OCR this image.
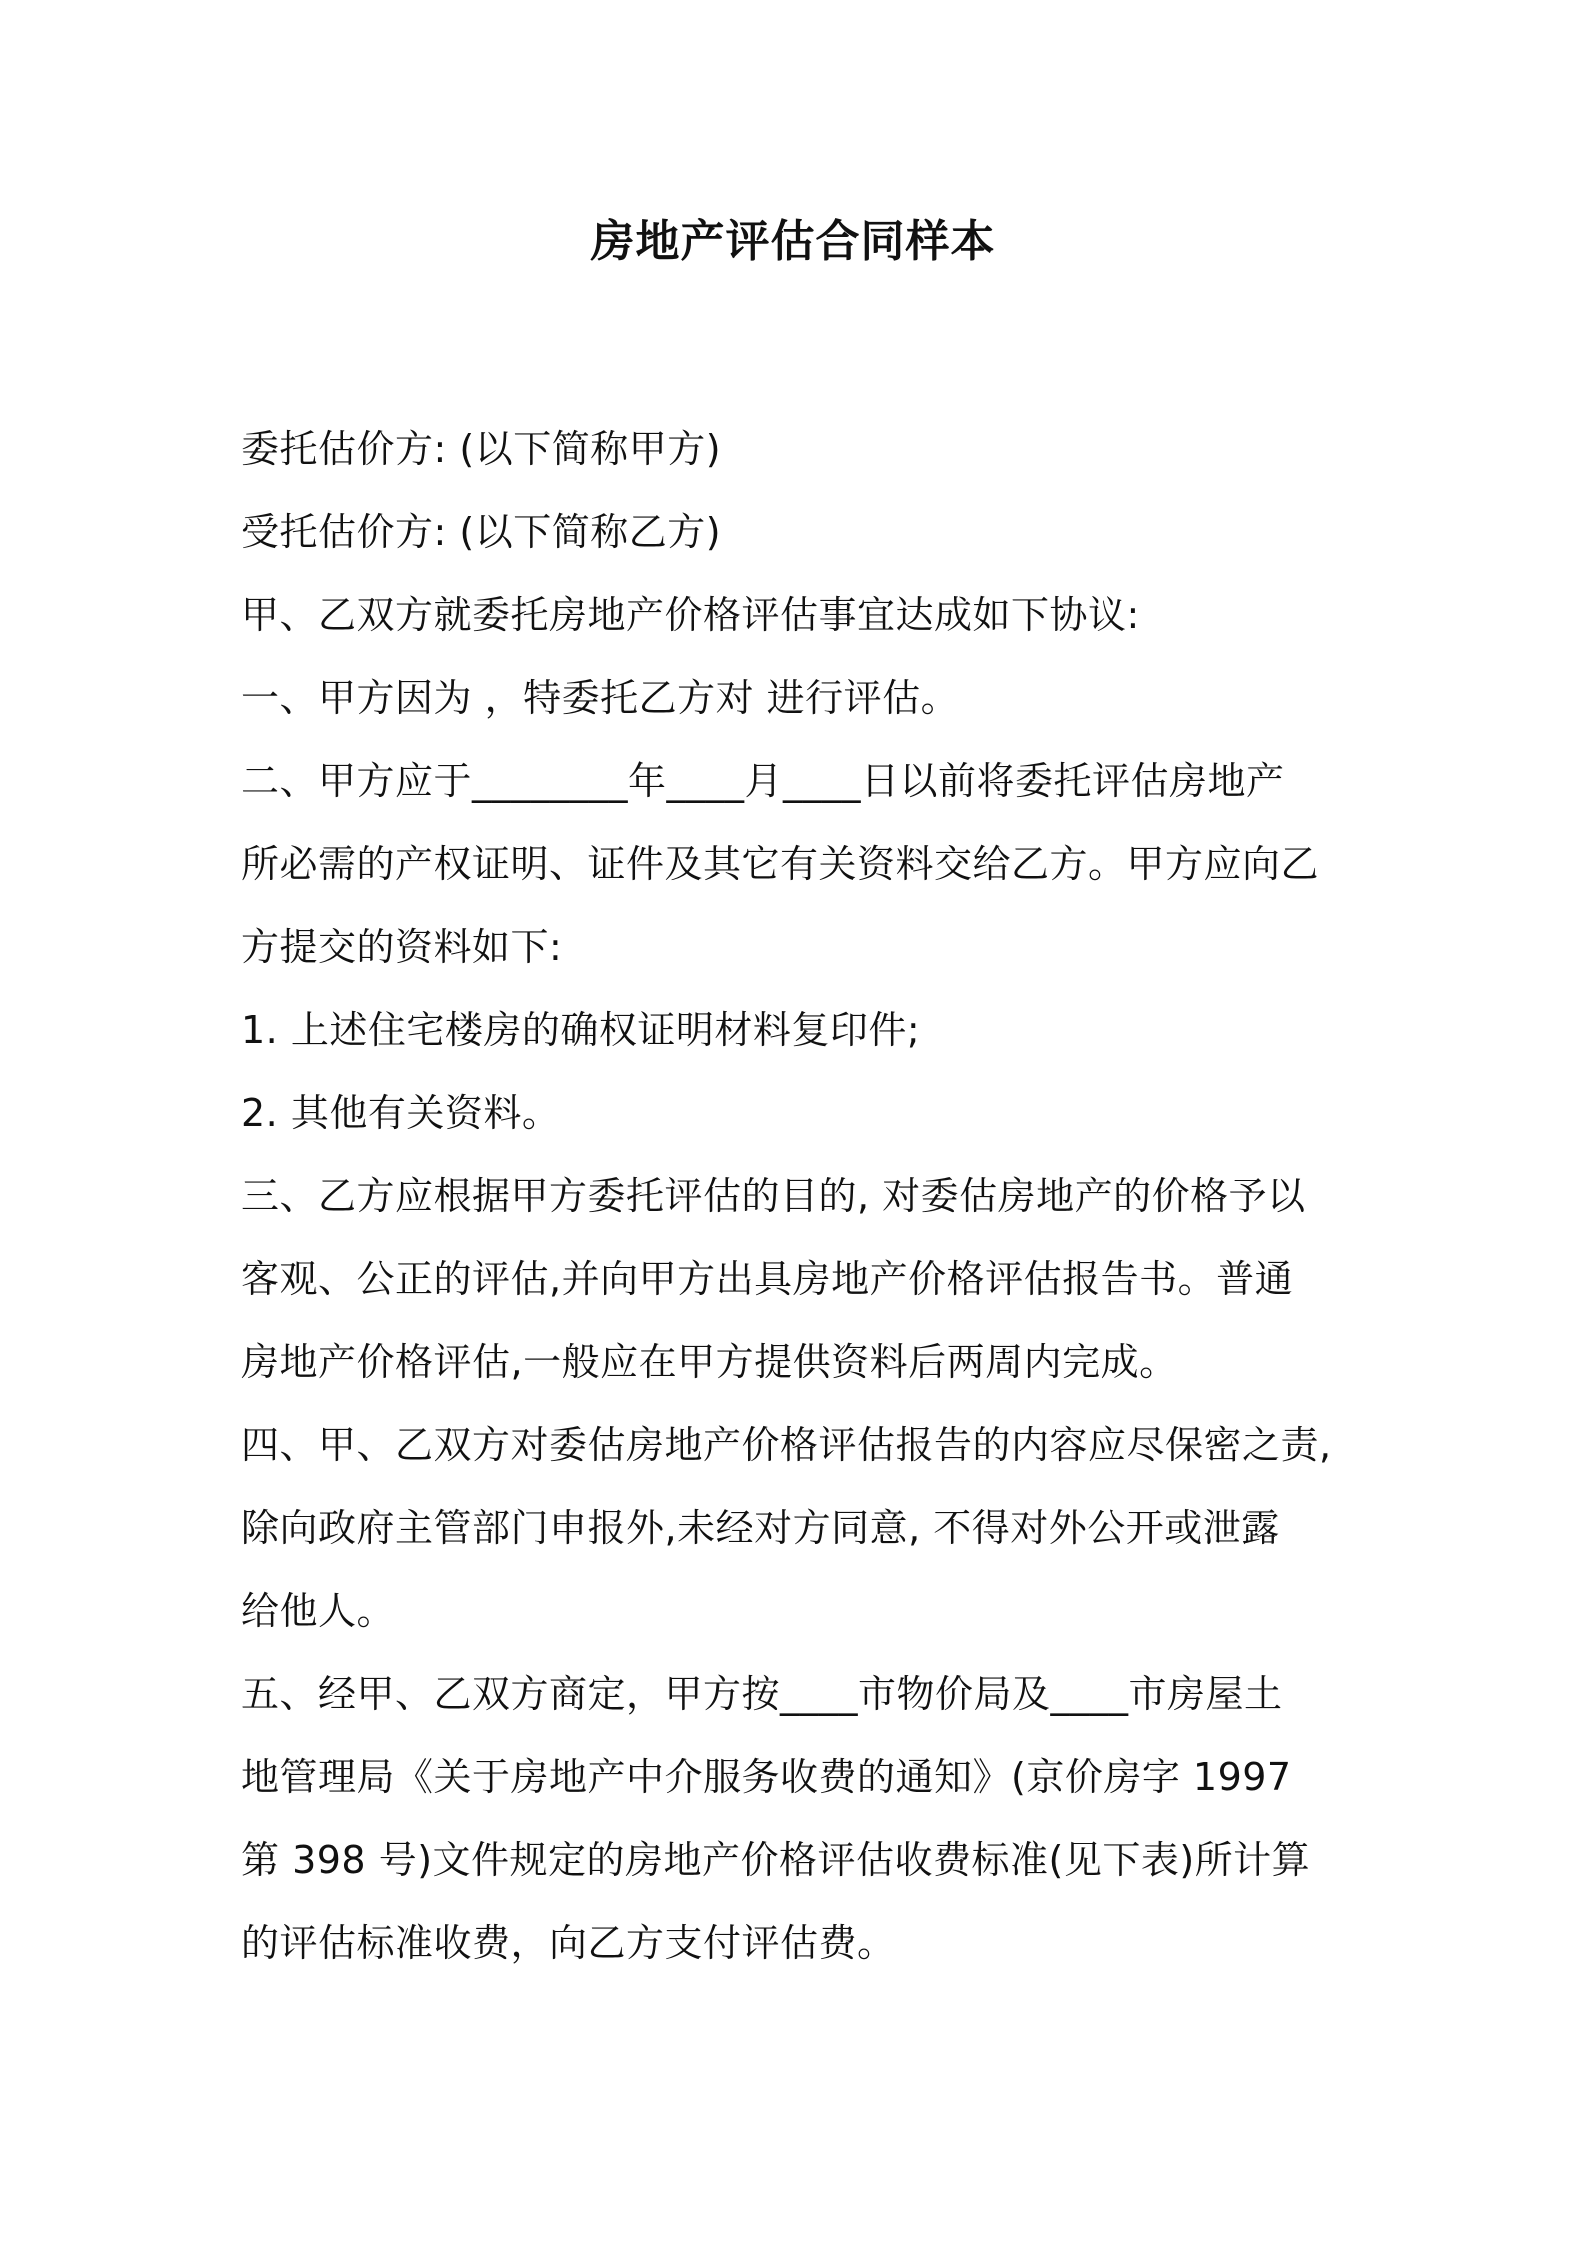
房地产评估合同样本
委托估价方: (以下简称甲方)
受托估价方: (以下简称乙方)
甲、乙双方就委托房地产价格评估事宜达成如下协议:
一、甲方因为 ，特委托乙方对 进行评估。
二、甲方应于________年____月____日以前将委托评估房地产
所必需的产权证明、证件及其它有关资料交给乙方。甲方应向乙
方提交的资料如下:
1. 上述住宅楼房的确权证明材料复印件;
2. 其他有关资料。
三、乙方应根据甲方委托评估的目的, 对委估房地产的价格予以
客观、公正的评估,并向甲方出具房地产价格评估报告书。普通
房地产价格评估,一般应在甲方提供资料后两周内完成。
四、甲、乙双方对委估房地产价格评估报告的内容应尽保密之责,
除向政府主管部门申报外,未经对方同意, 不得对外公开或泄露
给他人。
五、经甲、乙双方商定，甲方按____市物价局及____市房屋土
地管理局《关于房地产中介服务收费的通知》(京价房字 1997
第 398 号)文件规定的房地产价格评估收费标准(见下表)所计算
的评估标准收费，向乙方支付评估费。
